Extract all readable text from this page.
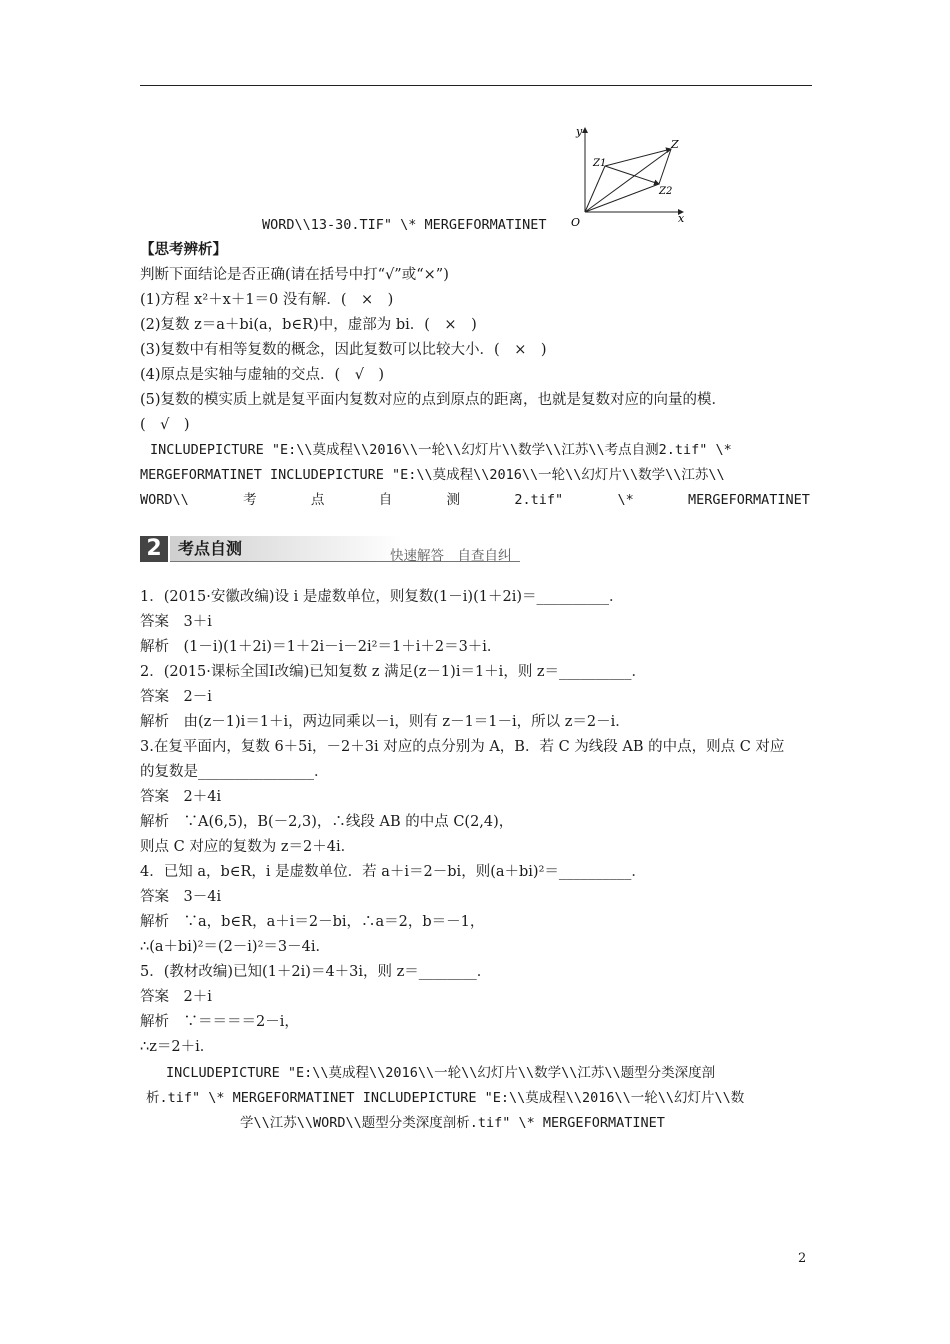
y
Z
Z1
Z2
O	x
WORD\\13-30.TIF" \* MERGEFORMATINET
【思考辨析】
判断下面结论是否正确(请在括号中打“√”或“×”)
(1)方程 x²＋x＋1＝0 没有解．(　×　)
(2)复数 z＝a＋bi(a，b∈R)中，虚部为 bi．(　×　)
(3)复数中有相等复数的概念，因此复数可以比较大小．(　×　)
(4)原点是实轴与虚轴的交点．(　√　)
(5)复数的模实质上就是复平面内复数对应的点到原点的距离，也就是复数对应的向量的模．
(　√　)
INCLUDEPICTURE "E:\\莫成程\\2016\\一轮\\幻灯片\\数学\\江苏\\考点自测2.tif" \*
MERGEFORMATINET INCLUDEPICTURE "E:\\莫成程\\2016\\一轮\\幻灯片\\数学\\江苏\\
WORD\\	考	点	自	测	2.tif"	\*	MERGEFORMATINET
2	考点自测	快速解答　自查自纠
1．(2015·安徽改编)设 i 是虚数单位，则复数(1－i)(1＋2i)＝__________．
答案　3＋i
解析　(1－i)(1＋2i)＝1＋2i－i－2i²＝1＋i＋2＝3＋i．
2．(2015·课标全国Ⅰ改编)已知复数 z 满足(z－1)i＝1＋i，则 z＝__________．
答案　2－i
解析　由(z－1)i＝1＋i，两边同乘以－i，则有 z－1＝1－i，所以 z＝2－i．
3.在复平面内，复数 6＋5i，－2＋3i 对应的点分别为 A，B．若 C 为线段 AB 的中点，则点 C 对应
的复数是________________．
答案　2＋4i
解析　∵A(6,5)，B(－2,3)，∴线段 AB 的中点 C(2,4)，
则点 C 对应的复数为 z＝2＋4i．
4．已知 a，b∈R，i 是虚数单位．若 a＋i＝2－bi，则(a＋bi)²＝__________．
答案　3－4i
解析　∵a，b∈R，a＋i＝2－bi，∴a＝2，b＝－1，
∴(a＋bi)²＝(2－i)²＝3－4i．
5．(教材改编)已知(1＋2i)＝4＋3i，则 z＝________．
答案　2＋i
解析　∵＝＝＝＝2－i，
∴z＝2＋i．
INCLUDEPICTURE "E:\\莫成程\\2016\\一轮\\幻灯片\\数学\\江苏\\题型分类深度剖
析.tif" \* MERGEFORMATINET INCLUDEPICTURE "E:\\莫成程\\2016\\一轮\\幻灯片\\数
学\\江苏\\WORD\\题型分类深度剖析.tif" \* MERGEFORMATINET
2
